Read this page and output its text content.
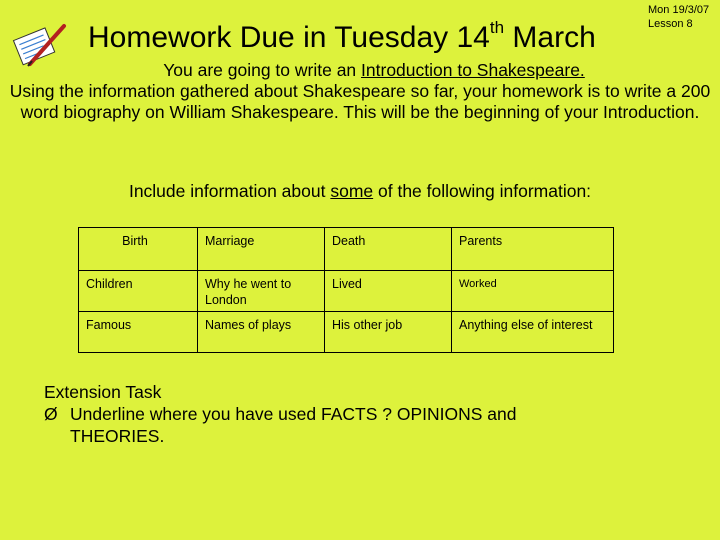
Homework Due in Tuesday 14th March
Mon 19/3/07
Lesson 8
You are going to write an Introduction to Shakespeare.
Using the information gathered about Shakespeare so far, your homework is to write a 200 word biography on William Shakespeare. This will be the beginning of your Introduction.
Include information about some of the following information:
Birth	Marriage	Death	Parents
Children	Why he went to London	Lived	Worked
Famous	Names of plays	His other job	Anything else of interest
Extension Task
Ø Underline where you have used FACTS ? OPINIONS and THEORIES.
